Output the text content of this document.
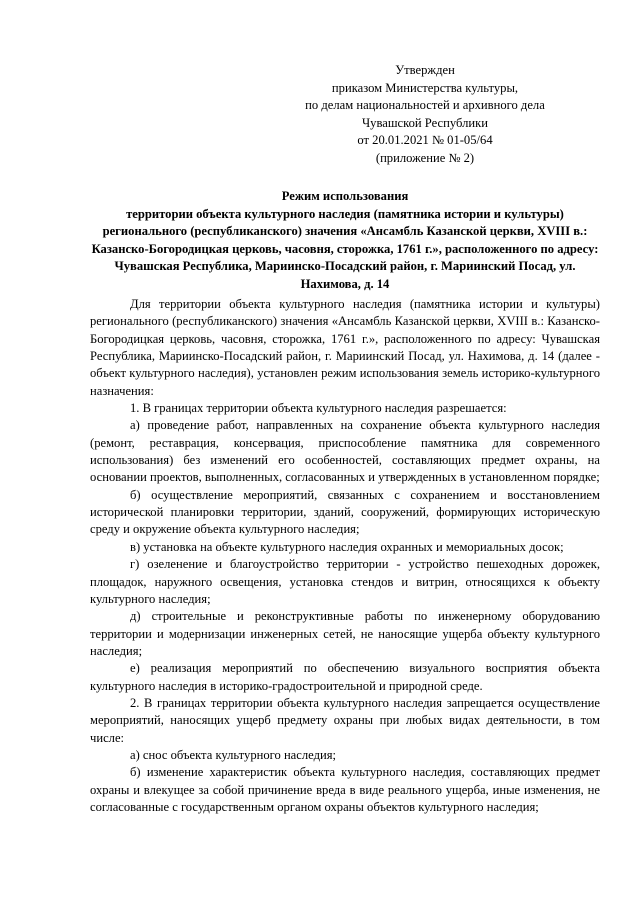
Утвержден
приказом Министерства культуры,
по делам национальностей и архивного дела
Чувашской Республики
от 20.01.2021 № 01-05/64
(приложение № 2)
Режим использования
территории объекта культурного наследия (памятника истории и культуры) регионального (республиканского) значения «Ансамбль Казанской церкви, XVIII в.: Казанско-Богородицкая церковь, часовня, сторожка, 1761 г.», расположенного по адресу: Чувашская Республика, Мариинско-Посадский район, г. Мариинский Посад, ул. Нахимова, д. 14

Для территории объекта культурного наследия (памятника истории и культуры) регионального (республиканского) значения «Ансамбль Казанской церкви, XVIII в.: Казанско-Богородицкая церковь, часовня, сторожка, 1761 г.», расположенного по адресу: Чувашская Республика, Мариинско-Посадский район, г. Мариинский Посад, ул. Нахимова, д. 14 (далее - объект культурного наследия), установлен режим использования земель историко-культурного назначения:

1. В границах территории объекта культурного наследия разрешается:

а) проведение работ, направленных на сохранение объекта культурного наследия (ремонт, реставрация, консервация, приспособление памятника для современного использования) без изменений его особенностей, составляющих предмет охраны, на основании проектов, выполненных, согласованных и утвержденных в установленном порядке;

б) осуществление мероприятий, связанных с сохранением и восстановлением исторической планировки территории, зданий, сооружений, формирующих историческую среду и окружение объекта культурного наследия;

в) установка на объекте культурного наследия охранных и мемориальных досок;

г) озеленение и благоустройство территории - устройство пешеходных дорожек, площадок, наружного освещения, установка стендов и витрин, относящихся к объекту культурного наследия;

д) строительные и реконструктивные работы по инженерному оборудованию территории и модернизации инженерных сетей, не наносящие ущерба объекту культурного наследия;

е) реализация мероприятий по обеспечению визуального восприятия объекта культурного наследия в историко-градостроительной и природной среде.

2. В границах территории объекта культурного наследия запрещается осуществление мероприятий, наносящих ущерб предмету охраны при любых видах деятельности, в том числе:

а) снос объекта культурного наследия;

б) изменение характеристик объекта культурного наследия, составляющих предмет охраны и влекущее за собой причинение вреда в виде реального ущерба, иные изменения, не согласованные с государственным органом охраны объектов культурного наследия;
